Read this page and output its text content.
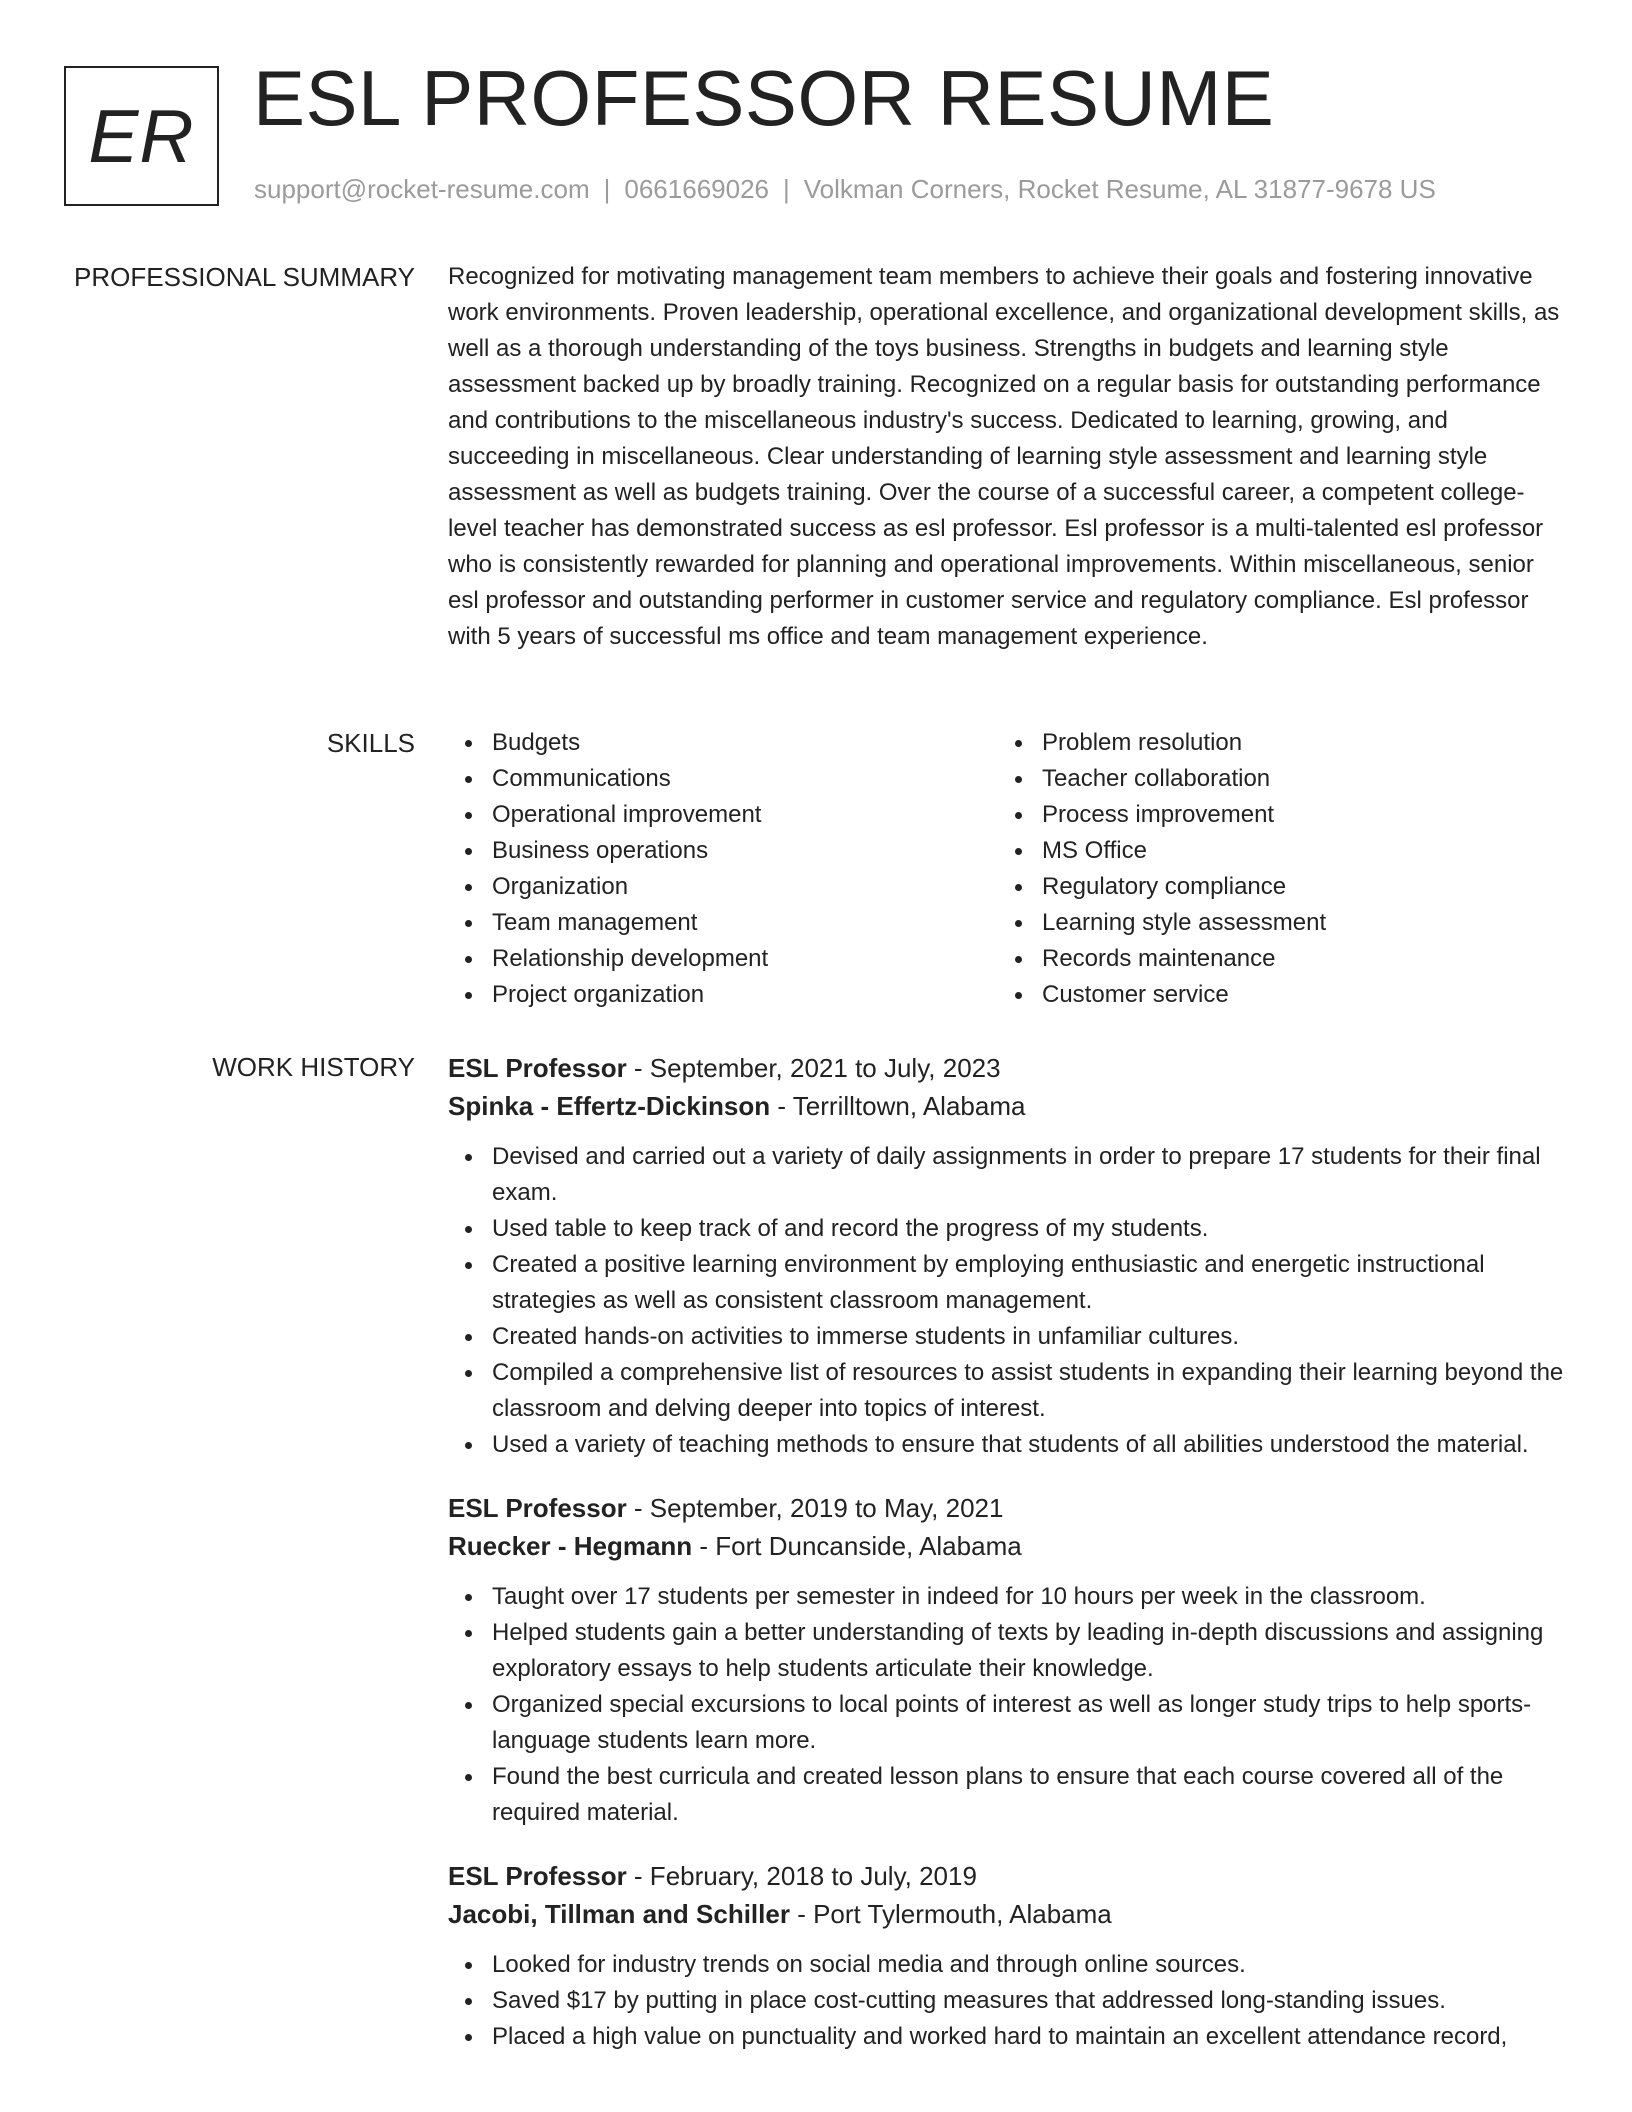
ER ESL PROFESSOR RESUME
support@rocket-resume.com | 0661669026 | Volkman Corners, Rocket Resume, AL 31877-9678 US
PROFESSIONAL SUMMARY Recognized for motivating management team members to achieve their goals and fostering innovative work environments. Proven leadership, operational excellence, and organizational development skills, as well as a thorough understanding of the toys business. Strengths in budgets and learning style assessment backed up by broadly training. Recognized on a regular basis for outstanding performance and contributions to the miscellaneous industry's success. Dedicated to learning, growing, and succeeding in miscellaneous. Clear understanding of learning style assessment and learning style assessment as well as budgets training. Over the course of a successful career, a competent college-level teacher has demonstrated success as esl professor. Esl professor is a multi-talented esl professor who is consistently rewarded for planning and operational improvements. Within miscellaneous, senior esl professor and outstanding performer in customer service and regulatory compliance. Esl professor with 5 years of successful ms office and team management experience.

SKILLS	Budgets
Communications
Operational improvement
Business operations
Organization
Team management
Relationship development
Project organization
Problem resolution
Teacher collaboration
Process improvement
MS Office
Regulatory compliance
Learning style assessment
Records maintenance
Customer service
WORK HISTORY ESL Professor - September, 2021 to July, 2023
Spinka - Effertz-Dickinson - Terrilltown, Alabama
Devised and carried out a variety of daily assignments in order to prepare 17 students for their final exam.
Used table to keep track of and record the progress of my students.
Created a positive learning environment by employing enthusiastic and energetic instructional strategies as well as consistent classroom management.
Created hands-on activities to immerse students in unfamiliar cultures.
Compiled a comprehensive list of resources to assist students in expanding their learning beyond the classroom and delving deeper into topics of interest.
Used a variety of teaching methods to ensure that students of all abilities understood the material.
ESL Professor - September, 2019 to May, 2021
Ruecker - Hegmann - Fort Duncanside, Alabama
Taught over 17 students per semester in indeed for 10 hours per week in the classroom.
Helped students gain a better understanding of texts by leading in-depth discussions and assigning exploratory essays to help students articulate their knowledge.
Organized special excursions to local points of interest as well as longer study trips to help sports-language students learn more.
Found the best curricula and created lesson plans to ensure that each course covered all of the required material.
ESL Professor - February, 2018 to July, 2019
Jacobi, Tillman and Schiller - Port Tylermouth, Alabama
Looked for industry trends on social media and through online sources.
Saved $17 by putting in place cost-cutting measures that addressed long-standing issues.
Placed a high value on punctuality and worked hard to maintain an excellent attendance record,
